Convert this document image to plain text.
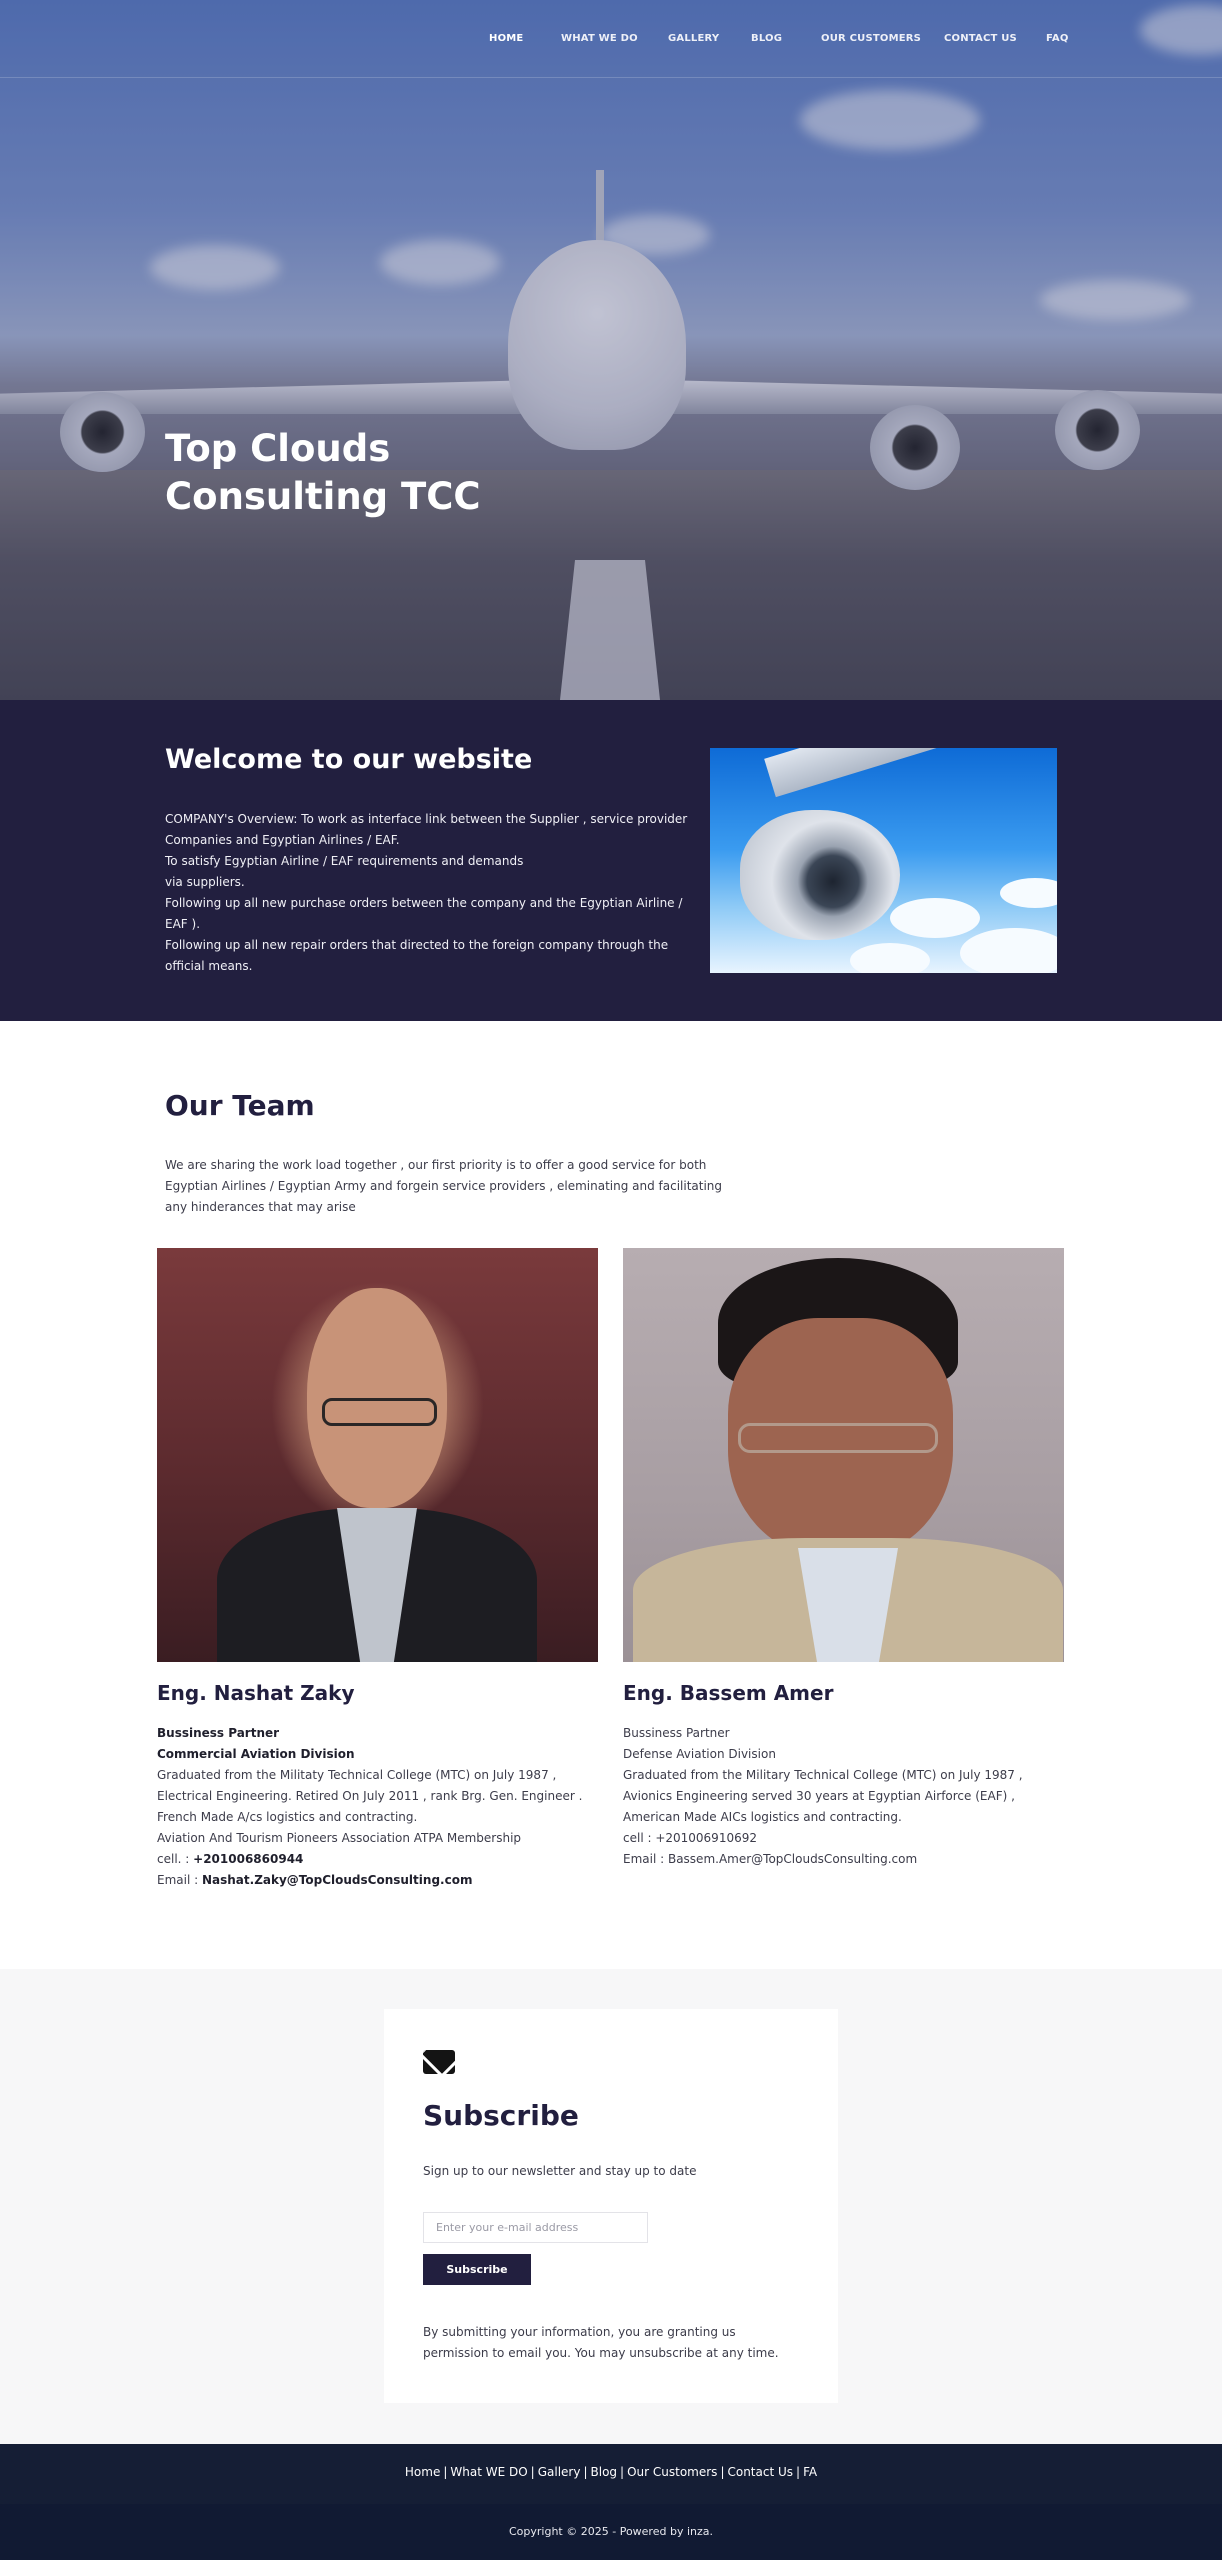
HOME	WHAT WE DO	GALLERY	BLOG	OUR CUSTOMERS CONTACT US	FAQ
Top Clouds Consulting TCC
Welcome to our website

COMPANY's Overview: To work as interface link between the Supplier , service provider Companies and Egyptian Airlines / EAF.

To satisfy Egyptian Airline / EAF requirements and demands via suppliers.

Following up all new purchase orders between the company and the Egyptian Airline / EAF ).

Following up all new repair orders that directed to the foreign company through the official means.

Our Team

We are sharing the work load together , our first priority is to offer a good service for both Egyptian Airlines / Egyptian Army and forgein service providers , eleminating and facilitating any hinderances that may arise

Eng. Nashat Zaky
Bussiness Partner
Commercial Aviation Division
Graduated from the Militaty Technical College (MTC) on July 1987 , Electrical Engineering. Retired On July 2011 , rank Brg. Gen. Engineer . French Made A/cs logistics and contracting.
Aviation And Tourism Pioneers Association ATPA Membership
cell. : +201006860944
Email : Nashat.Zaky@TopCloudsConsulting.com
Eng. Bassem Amer
Bussiness Partner
Defense Aviation Division
Graduated from the Military Technical College (MTC) on July 1987 , Avionics Engineering served 30 years at Egyptian Airforce (EAF) , American Made AICs logistics and contracting.
cell : +201006910692
Email : Bassem.Amer@TopCloudsConsulting.com
Subscribe

Sign up to our newsletter and stay up to date

Enter your e-mail address
Subscribe

By submitting your information, you are granting us permission to email you. You may unsubscribe at any time.

Home | What WE DO | Gallery | Blog | Our Customers | Contact Us | FA
Copyright © 2025 - Powered by inza.
